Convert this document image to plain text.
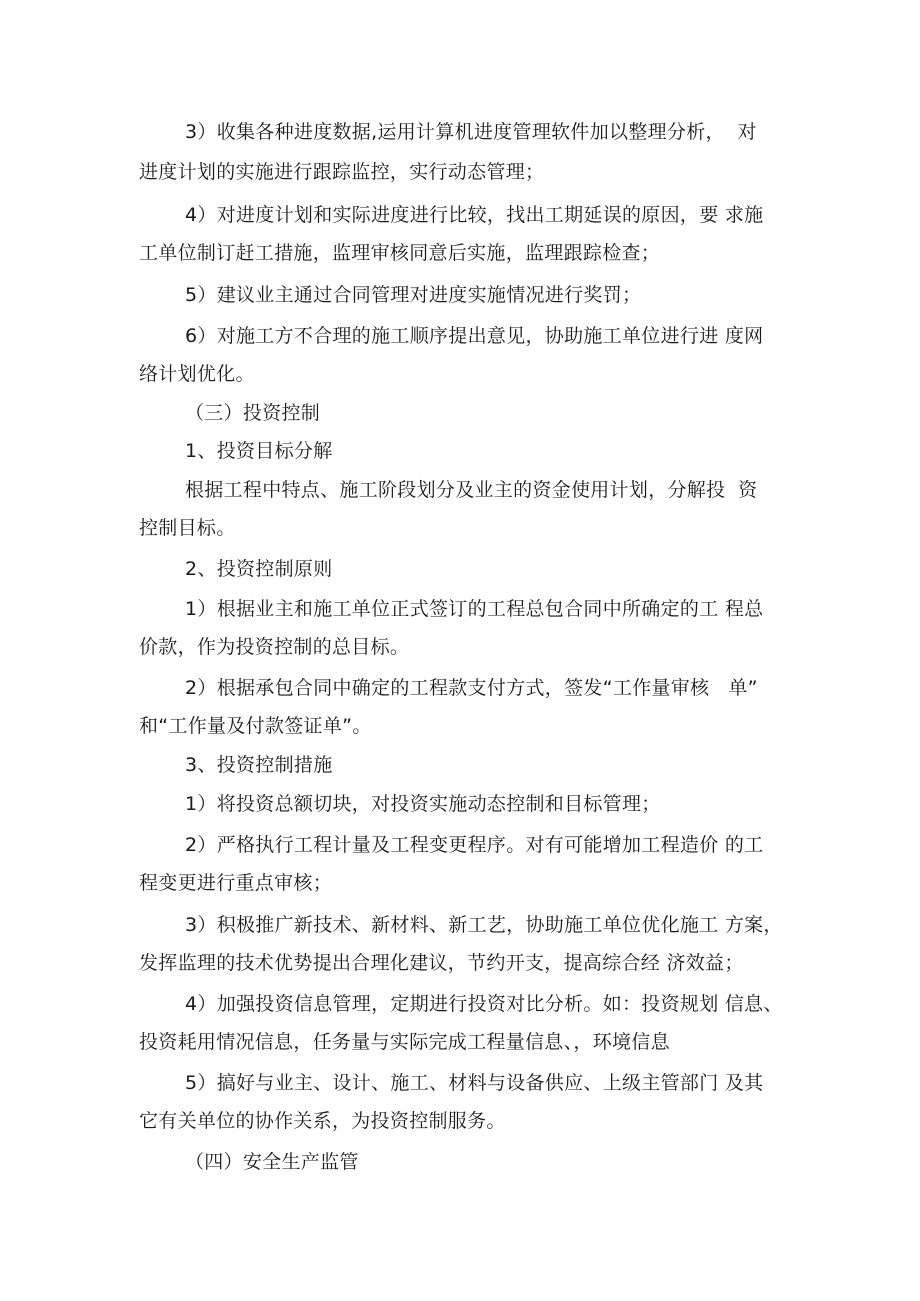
3）收集各种进度数据,运用计算机进度管理软件加以整理分析，  对
进度计划的实施进行跟踪监控，实行动态管理；
4）对进度计划和实际进度进行比较，找出工期延误的原因，要 求施
工单位制订赶工措施，监理审核同意后实施，监理跟踪检查；
5）建议业主通过合同管理对进度实施情况进行奖罚；
6）对施工方不合理的施工顺序提出意见，协助施工单位进行进 度网
络计划优化。
（三）投资控制
1、投资目标分解
根据工程中特点、施工阶段划分及业主的资金使用计划，分解投  资
控制目标。
2、投资控制原则
1）根据业主和施工单位正式签订的工程总包合同中所确定的工 程总
价款，作为投资控制的总目标。
2）根据承包合同中确定的工程款支付方式，签发“工作量审核   单”
和“工作量及付款签证单”。
3、投资控制措施
1）将投资总额切块，对投资实施动态控制和目标管理；
2）严格执行工程计量及工程变更程序。对有可能增加工程造价 的工
程变更进行重点审核；
3）积极推广新技术、新材料、新工艺，协助施工单位优化施工 方案，
发挥监理的技术优势提出合理化建议，节约开支，提高综合经 济效益；
4）加强投资信息管理，定期进行投资对比分析。如：投资规划 信息、
投资耗用情况信息，任务量与实际完成工程量信息、，环境信息
5）搞好与业主、设计、施工、材料与设备供应、上级主管部门 及其
它有关单位的协作关系，为投资控制服务。
（四）安全生产监管
